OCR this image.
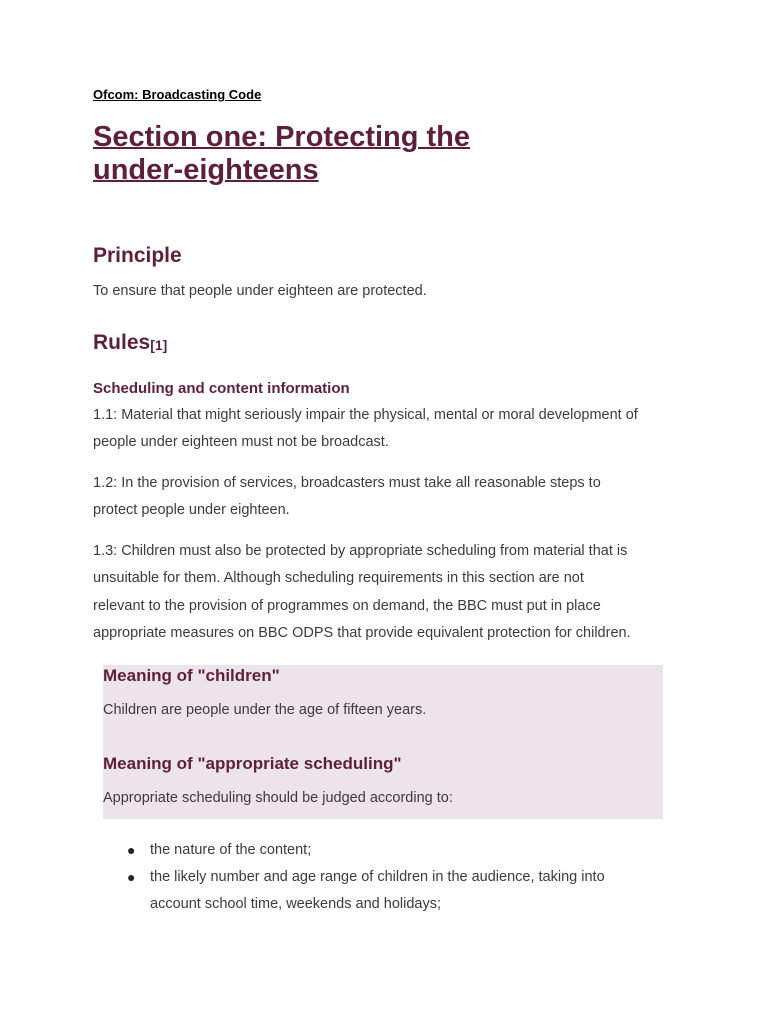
Ofcom: Broadcasting Code
Section one: Protecting the
under-eighteens
Principle

To ensure that people under eighteen are protected.

Rules[1]
Scheduling and content information

1.1: Material that might seriously impair the physical, mental or moral development of
people under eighteen must not be broadcast.

1.2: In the provision of services, broadcasters must take all reasonable steps to
protect people under eighteen.

1.3: Children must also be protected by appropriate scheduling from material that is
unsuitable for them. Although scheduling requirements in this section are not
relevant to the provision of programmes on demand, the BBC must put in place
appropriate measures on BBC ODPS that provide equivalent protection for children.

Meaning of "children"

Children are people under the age of fifteen years.

Meaning of "appropriate scheduling"

Appropriate scheduling should be judged according to:

● the nature of the content;
● the likely number and age range of children in the audience, taking into
account school time, weekends and holidays;
